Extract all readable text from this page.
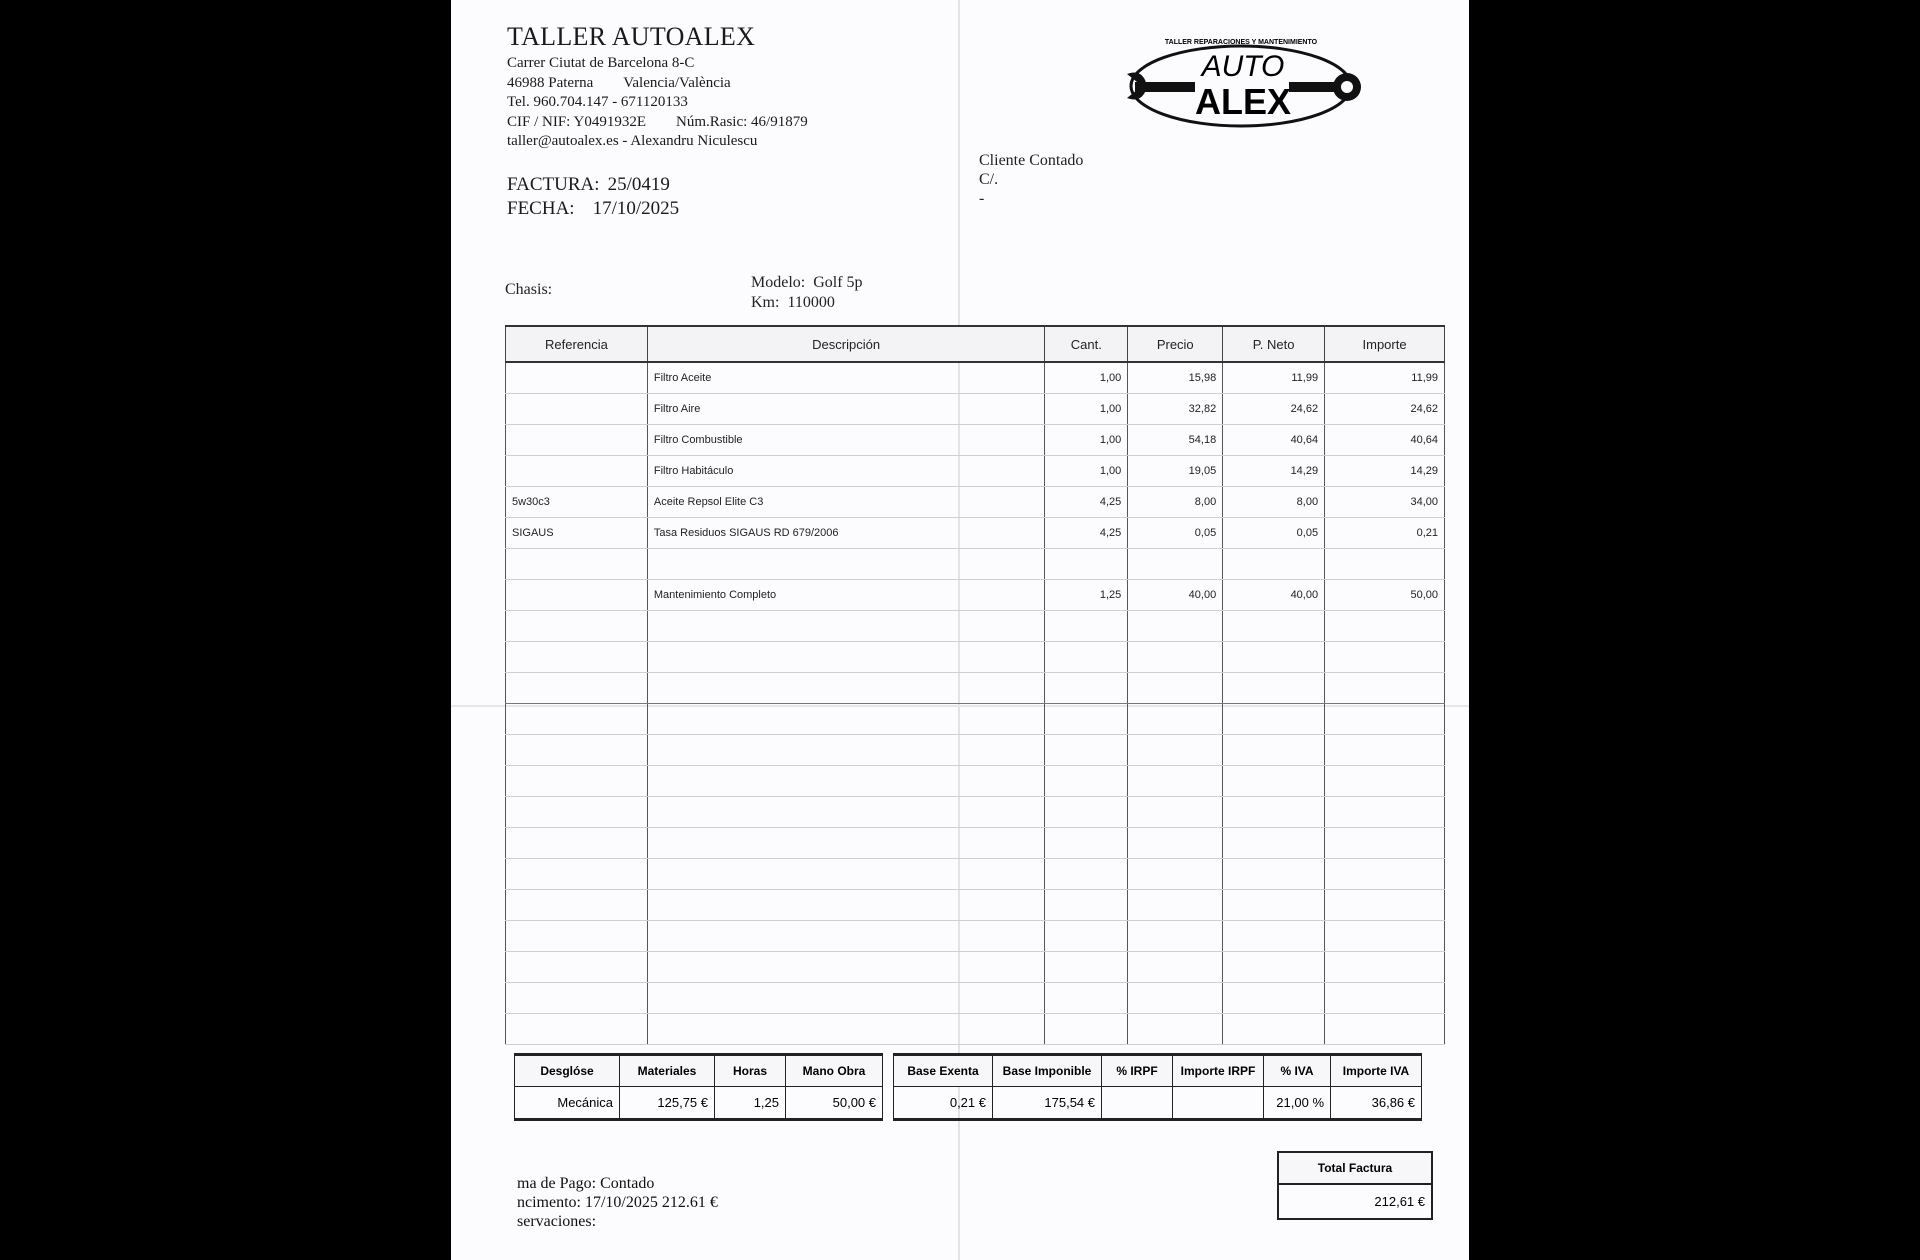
TALLER AUTOALEX
Carrer Ciutat de Barcelona 8-C
46988 Paterna Valencia/València
Tel. 960.704.147 - 671120133
CIF / NIF: Y0491932E Núm.Rasic: 46/91879
taller@autoalex.es - Alexandru Niculescu
TALLER REPARACIONES Y MANTENIMIENTO
AUTO
ALEX
FACTURA: 25/0419
FECHA: 17/10/2025
Cliente Contado
C/.
-
Chasis:	Modelo: Golf 5p
Km: 110000
Referencia	Descripción	Cant.	Precio	P. Neto	Importe
	Filtro Aceite	1,00	15,98	11,99	11,99
	Filtro Aire	1,00	32,82	24,62	24,62
	Filtro Combustible	1,00	54,18	40,64	40,64
	Filtro Habitáculo	1,00	19,05	14,29	14,29
5w30c3	Aceite Repsol Elite C3	4,25	8,00	8,00	34,00
SIGAUS	Tasa Residuos SIGAUS RD 679/2006	4,25	0,05	0,05	0,21

	Mantenimiento Completo	1,25	40,00	40,00	50,00

Desglóse	Materiales	Horas	Mano Obra
Mecánica	125,75 €	1,25	50,00 €
Base Exenta	Base Imponible	% IRPF	Importe IRPF	% IVA	Importe IVA
0,21 €	175,54 €			21,00 %	36,86 €
Total Factura
212,61 €
ma de Pago: Contado
ncimento: 17/10/2025 212.61 €
servaciones:
